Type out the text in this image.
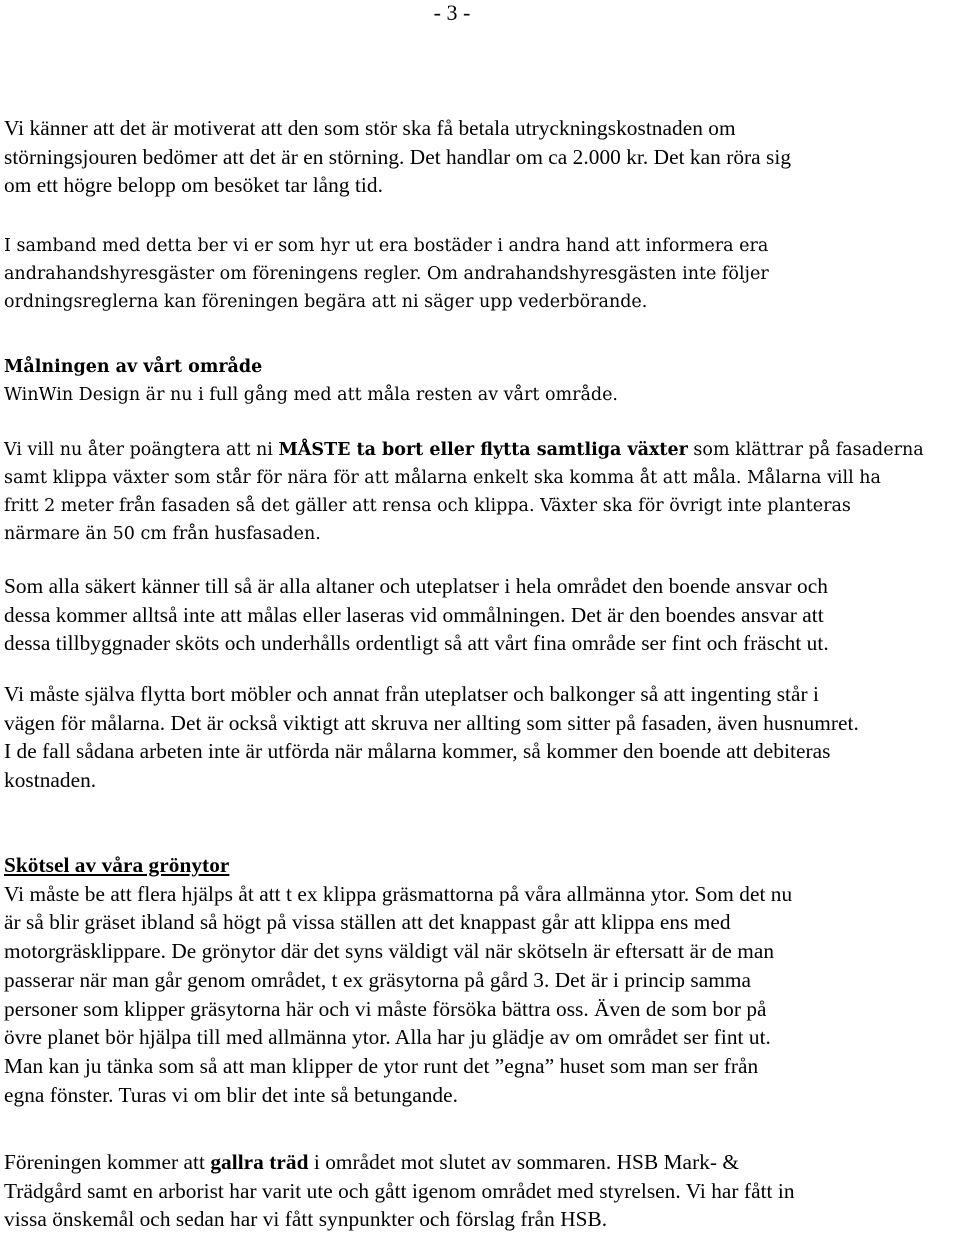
- 3 -
Vi känner att det är motiverat att den som stör ska få betala utryckningskostnaden om
störningsjouren bedömer att det är en störning. Det handlar om ca 2.000 kr. Det kan röra sig
om ett högre belopp om besöket tar lång tid.
I samband med detta ber vi er som hyr ut era bostäder i andra hand att informera era
andrahandshyresgäster om föreningens regler. Om andrahandshyresgästen inte följer
ordningsreglerna kan föreningen begära att ni säger upp vederbörande.
Målningen av vårt område
WinWin Design är nu i full gång med att måla resten av vårt område.
Vi vill nu åter poängtera att ni MÅSTE ta bort eller flytta samtliga växter som klättrar på fasaderna
samt klippa växter som står för nära för att målarna enkelt ska komma åt att måla. Målarna vill ha
fritt 2 meter från fasaden så det gäller att rensa och klippa. Växter ska för övrigt inte planteras
närmare än 50 cm från husfasaden.
Som alla säkert känner till så är alla altaner och uteplatser i hela området den boende ansvar och
dessa kommer alltså inte att målas eller laseras vid ommålningen. Det är den boendes ansvar att
dessa tillbyggnader sköts och underhålls ordentligt så att vårt fina område ser fint och fräscht ut.
Vi måste själva flytta bort möbler och annat från uteplatser och balkonger så att ingenting står i
vägen för målarna. Det är också viktigt att skruva ner allting som sitter på fasaden, även husnumret.
I de fall sådana arbeten inte är utförda när målarna kommer, så kommer den boende att debiteras
kostnaden.
Skötsel av våra grönytor
Vi måste be att flera hjälps åt att t ex klippa gräsmattorna på våra allmänna ytor. Som det nu
är så blir gräset ibland så högt på vissa ställen att det knappast går att klippa ens med
motorgräsklippare. De grönytor där det syns väldigt väl när skötseln är eftersatt är de man
passerar när man går genom området, t ex gräsytorna på gård 3. Det är i princip samma
personer som klipper gräsytorna här och vi måste försöka bättra oss. Även de som bor på
övre planet bör hjälpa till med allmänna ytor. Alla har ju glädje av om området ser fint ut.
Man kan ju tänka som så att man klipper de ytor runt det ”egna” huset som man ser från
egna fönster. Turas vi om blir det inte så betungande.
Föreningen kommer att gallra träd i området mot slutet av sommaren. HSB Mark- &
Trädgård samt en arborist har varit ute och gått igenom området med styrelsen. Vi har fått in
vissa önskemål och sedan har vi fått synpunkter och förslag från HSB.
